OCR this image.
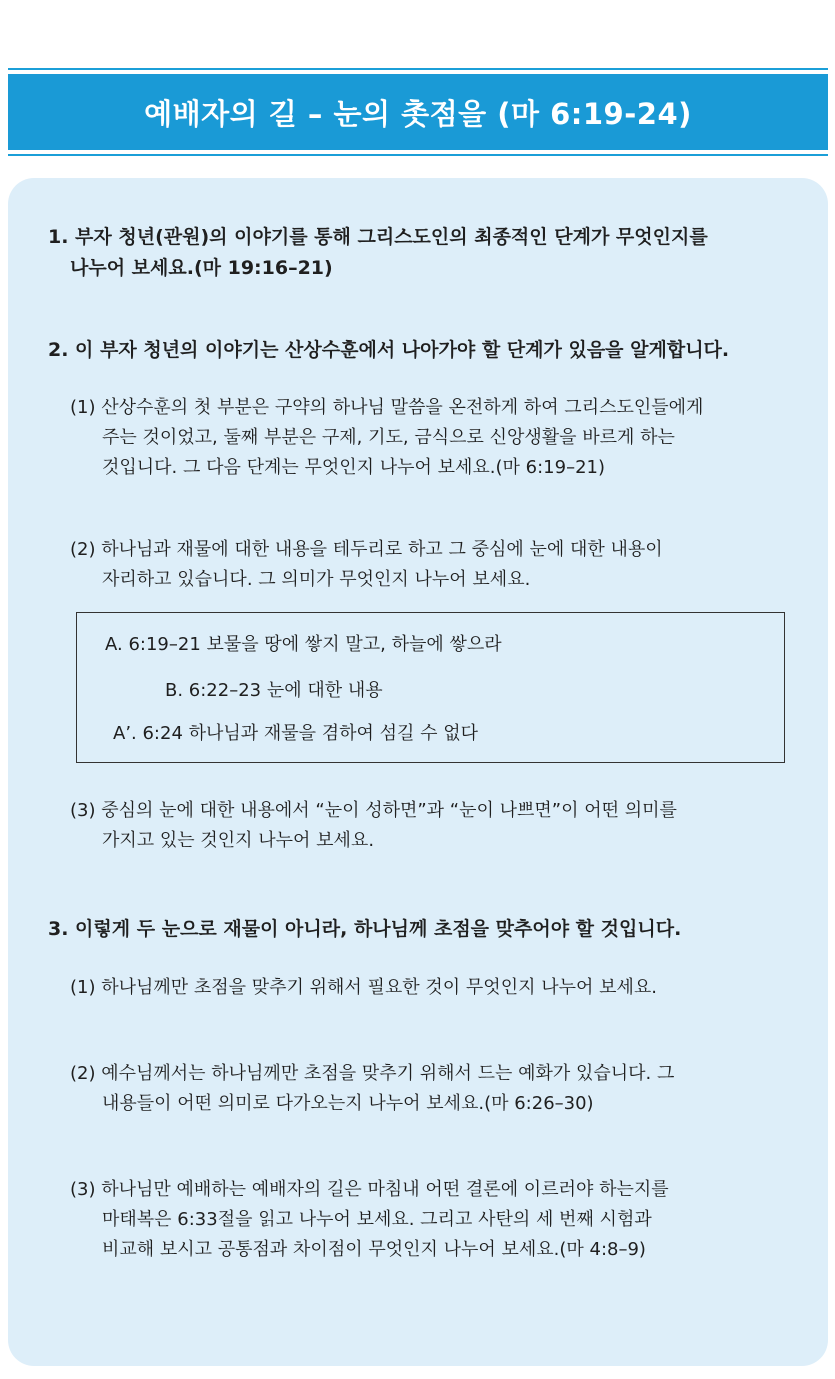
예배자의 길 – 눈의 촛점을 (마 6:19-24)
1. 부자 청년(관원)의 이야기를 통해 그리스도인의 최종적인 단계가 무엇인지를
나누어 보세요.(마 19:16–21)
2. 이 부자 청년의 이야기는 산상수훈에서 나아가야 할 단계가 있음을 알게합니다.
(1) 산상수훈의 첫 부분은 구약의 하나님 말씀을 온전하게 하여 그리스도인들에게
주는 것이었고, 둘째 부분은 구제, 기도, 금식으로 신앙생활을 바르게 하는
것입니다. 그 다음 단계는 무엇인지 나누어 보세요.(마 6:19–21)
(2) 하나님과 재물에 대한 내용을 테두리로 하고 그 중심에 눈에 대한 내용이
자리하고 있습니다. 그 의미가 무엇인지 나누어 보세요.
A. 6:19–21 보물을 땅에 쌓지 말고, 하늘에 쌓으라
B. 6:22–23 눈에 대한 내용
A’. 6:24 하나님과 재물을 겸하여 섬길 수 없다
(3) 중심의 눈에 대한 내용에서 “눈이 성하면”과 “눈이 나쁘면”이 어떤 의미를
가지고 있는 것인지 나누어 보세요.
3. 이렇게 두 눈으로 재물이 아니라, 하나님께 초점을 맞추어야 할 것입니다.
(1) 하나님께만 초점을 맞추기 위해서 필요한 것이 무엇인지 나누어 보세요.
(2) 예수님께서는 하나님께만 초점을 맞추기 위해서 드는 예화가 있습니다. 그
내용들이 어떤 의미로 다가오는지 나누어 보세요.(마 6:26–30)
(3) 하나님만 예배하는 예배자의 길은 마침내 어떤 결론에 이르러야 하는지를
마태복은 6:33절을 읽고 나누어 보세요. 그리고 사탄의 세 번째 시험과
비교해 보시고 공통점과 차이점이 무엇인지 나누어 보세요.(마 4:8–9)
